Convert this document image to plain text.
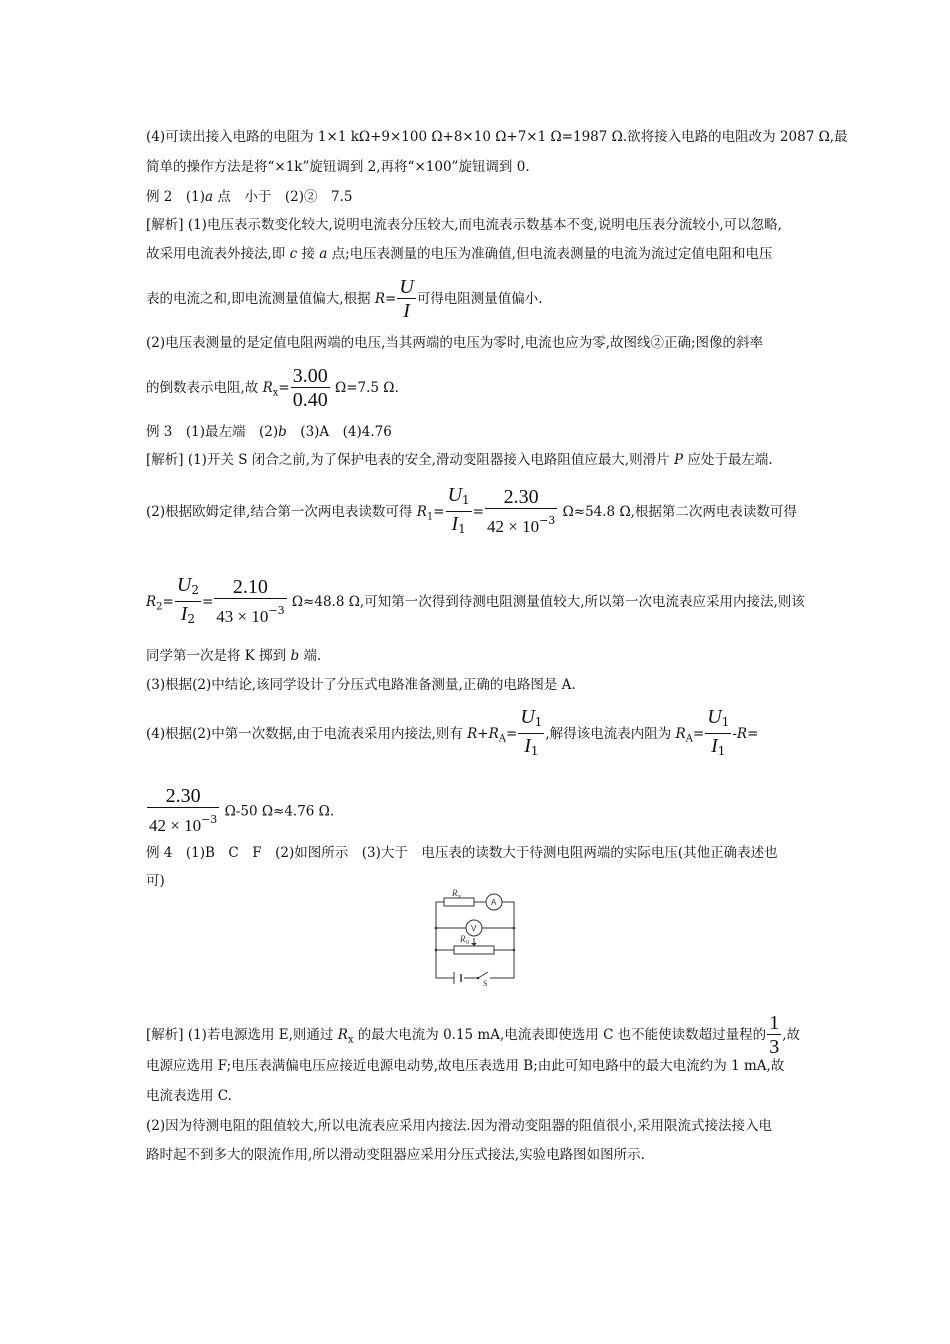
(4)可读出接入电路的电阻为 1×1 kΩ+9×100 Ω+8×10 Ω+7×1 Ω=1987 Ω.欲将接入电路的电阻改为 2087 Ω,最
简单的操作方法是将“×1k”旋钮调到 2,再将“×100”旋钮调到 0.
例 2　(1)a 点　小于　(2)②　7.5
[解析] (1)电压表示数变化较大,说明电流表分压较大,而电流表示数基本不变,说明电压表分流较小,可以忽略,
故采用电流表外接法,即 c 接 a 点;电压表测量的电压为准确值,但电流表测量的电流为流过定值电阻和电压
表的电流之和,即电流测量值偏大,根据 $R= \frac{U}{I}$ 可得电阻测量值偏小.
(2)电压表测量的是定值电阻两端的电压,当其两端的电压为零时,电流也应为零,故图线②正确;图像的斜率
的倒数表示电阻,故 $R_x= \frac{3.00}{0.40} \Omega=7.5$ Ω.
例 3　(1)最左端　(2)b　(3)A　(4)4.76
[解析] (1)开关 S 闭合之前,为了保护电表的安全,滑动变阻器接入电路阻值应最大,则滑片 P 应处于最左端.
(2)根据欧姆定律,结合第一次两电表读数可得 $R_1= \frac{U1}{I1} = \frac{2.30}{42 \times 10^{-3}} \Omega\approx 54.8$ Ω,根据第二次两电表读数可得
$R_2= \frac{U2}{I2} = \frac{2.10}{43 \times 10^{-3}} \Omega\approx 48.8$ Ω,可知第一次得到待测电阻测量值较大,所以第一次电流表应采用内接法,则该
同学第一次是将 K 掷到 b 端.
(3)根据(2)中结论,该同学设计了分压式电路准备测量,正确的电路图是 A.
(4)根据(2)中第一次数据,由于电流表采用内接法,则有 $R+R_A= \frac{U1}{I1}$ ,解得该电流表内阻为 $R_A= \frac{U1}{I1} -R=$
$\frac{2.30}{42 \times 10^{-3}} \Omega-50$ Ω≈4.76 Ω.
例 4　(1)B　C　F　(2)如图所示　(3)大于　电压表的读数大于待测电阻两端的实际电压(其他正确表述也
可)
R x
A
V
R 0
S
[解析] (1)若电源选用 E,则通过 $R_x$ 的最大电流为 0.15 mA,电流表即使选用 C 也不能使读数超过量程的 $\frac{1}{3}$ ,故
电源应选用 F;电压表满偏电压应接近电源电动势,故电压表选用 B;由此可知电路中的最大电流约为 1 mA,故
电流表选用 C.
(2)因为待测电阻的阻值较大,所以电流表应采用内接法.因为滑动变阻器的阻值很小,采用限流式接法接入电
路时起不到多大的限流作用,所以滑动变阻器应采用分压式接法,实验电路图如图所示.
